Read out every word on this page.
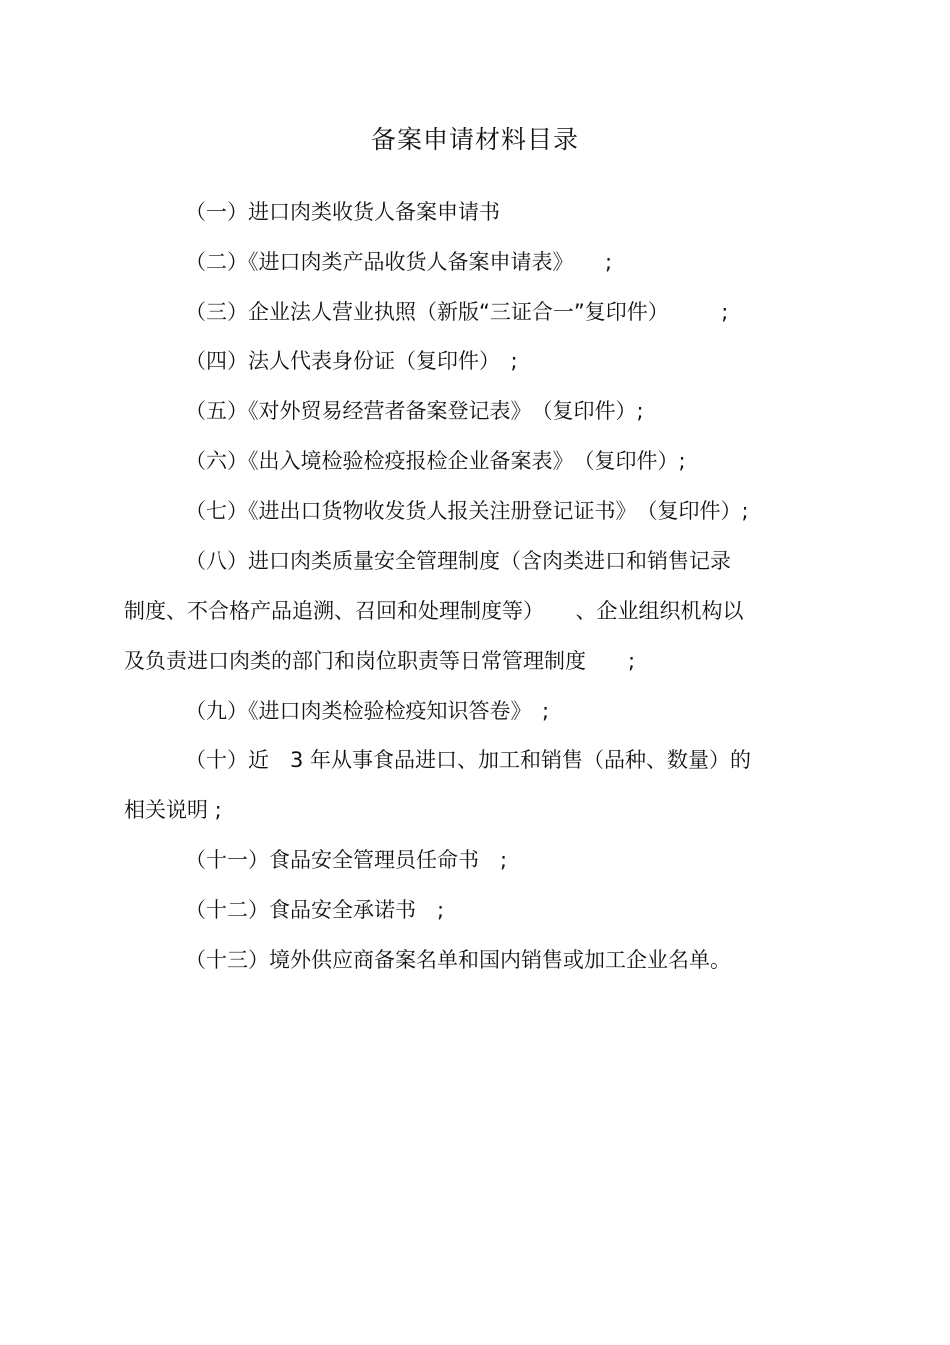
备案申请材料目录
（一）进口肉类收货人备案申请书
（二）《进口肉类产品收货人备案申请表》　　;
（三）企业法人营业执照（新版“三证合一”复印件）　　　;
（四）法人代表身份证（复印件）　;
（五）《对外贸易经营者备案登记表》　（复印件）;
（六）《出入境检验检疫报检企业备案表》　（复印件）;
（七）《进出口货物收发货人报关注册登记证书》　（复印件）;
（八）进口肉类质量安全管理制度（含肉类进口和销售记录
制度、不合格产品追溯、召回和处理制度等）　　、企业组织机构以
及负责进口肉类的部门和岗位职责等日常管理制度　　;
（九）《进口肉类检验检疫知识答卷》　;
（十）近　3 年从事食品进口、加工和销售（品种、数量）的
相关说明 ;
（十一）食品安全管理员任命书　;
（十二）食品安全承诺书　;
（十三）境外供应商备案名单和国内销售或加工企业名单。
